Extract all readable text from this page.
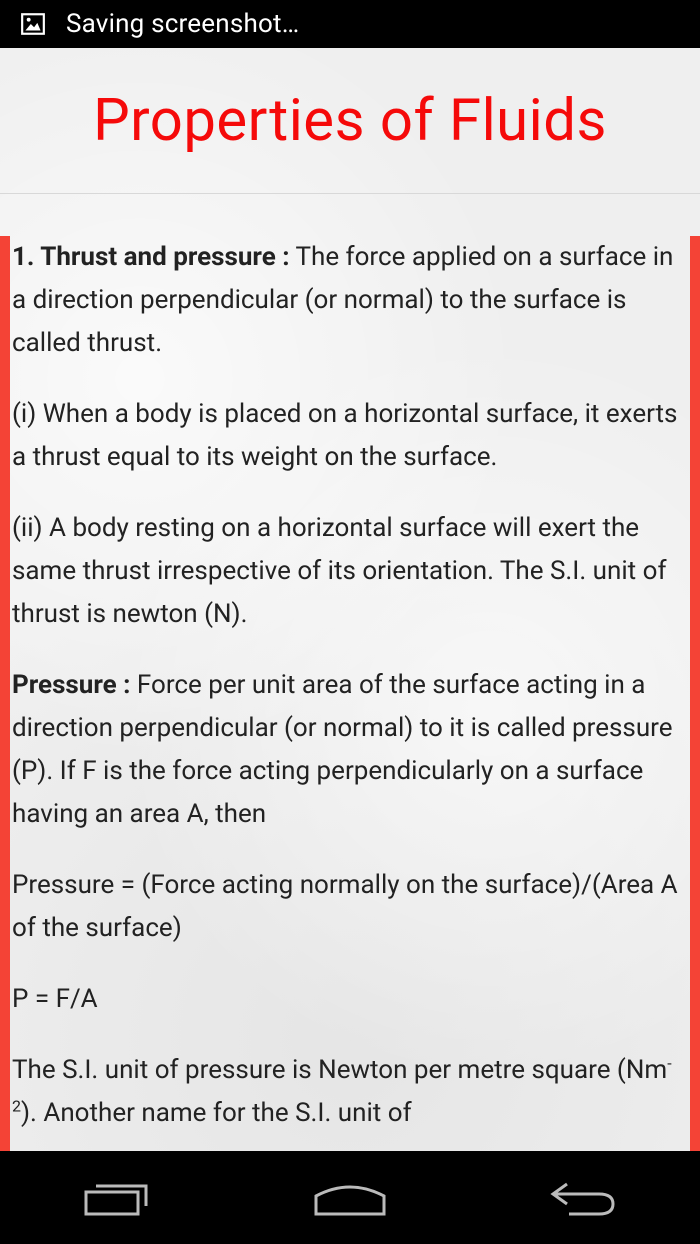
Saving screenshot…
Properties of Fluids

1. Thrust and pressure : The force applied on a surface in a direction perpendicular (or normal) to the surface is called thrust.

(i) When a body is placed on a horizontal surface, it exerts a thrust equal to its weight on the surface.

(ii) A body resting on a horizontal surface will exert the same thrust irrespective of its orientation. The S.I. unit of thrust is newton (N).

Pressure : Force per unit area of the surface acting in a direction perpendicular (or normal) to it is called pressure (P). If F is the force acting perpendicularly on a surface having an area A, then

Pressure = (Force acting normally on the surface)/(Area A of the surface)

P = F/A

The S.I. unit of pressure is Newton per metre square $(Nm^{-2})$. Another name for the S.I. unit of
